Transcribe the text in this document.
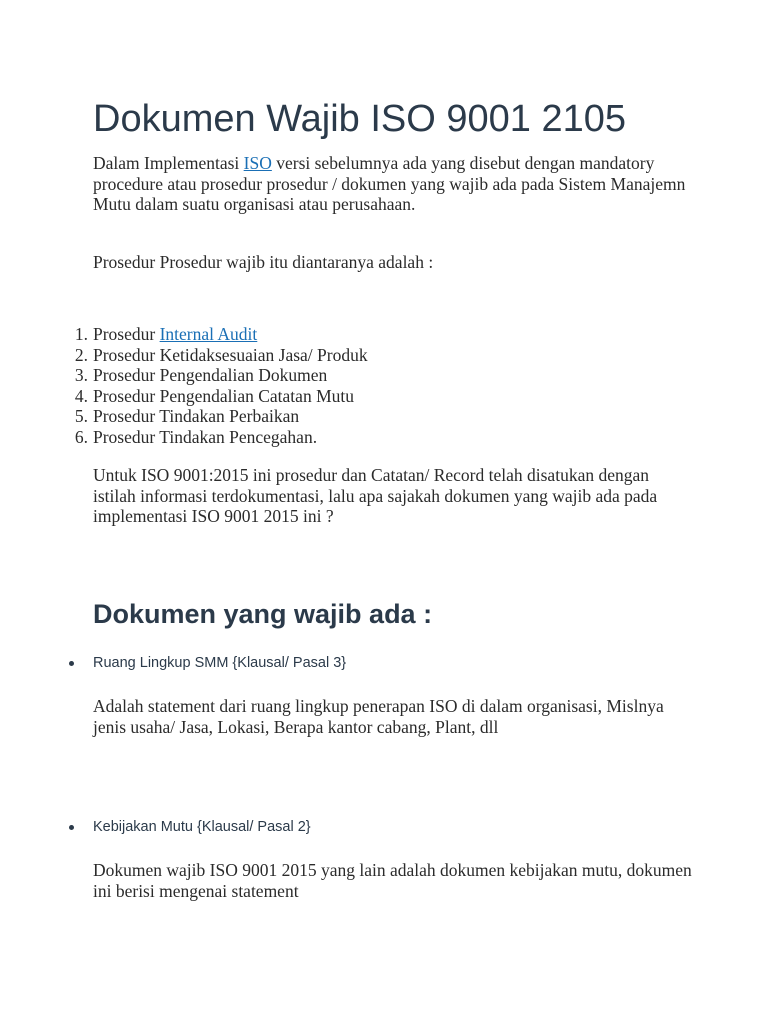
Dokumen Wajib ISO 9001 2105

Dalam Implementasi ISO versi sebelumnya ada yang disebut dengan mandatory procedure atau prosedur prosedur / dokumen yang wajib ada pada Sistem Manajemn Mutu dalam suatu organisasi atau perusahaan.

Prosedur Prosedur wajib itu diantaranya adalah :

1. Prosedur Internal Audit
2. Prosedur Ketidaksesuaian Jasa/ Produk
3. Prosedur Pengendalian Dokumen
4. Prosedur Pengendalian Catatan Mutu
5. Prosedur Tindakan Perbaikan
6. Prosedur Tindakan Pencegahan.

Untuk ISO 9001:2015 ini prosedur dan Catatan/ Record telah disatukan dengan istilah informasi terdokumentasi, lalu apa sajakah dokumen yang wajib ada pada implementasi ISO 9001 2015 ini ?

Dokumen yang wajib ada :
Ruang Lingkup SMM {Klausal/ Pasal 3}

Adalah statement dari ruang lingkup penerapan ISO di dalam organisasi, Mislnya jenis usaha/ Jasa, Lokasi, Berapa kantor cabang, Plant, dll

Kebijakan Mutu {Klausal/ Pasal 2}

Dokumen wajib ISO 9001 2015 yang lain adalah dokumen kebijakan mutu, dokumen ini berisi mengenai statement
